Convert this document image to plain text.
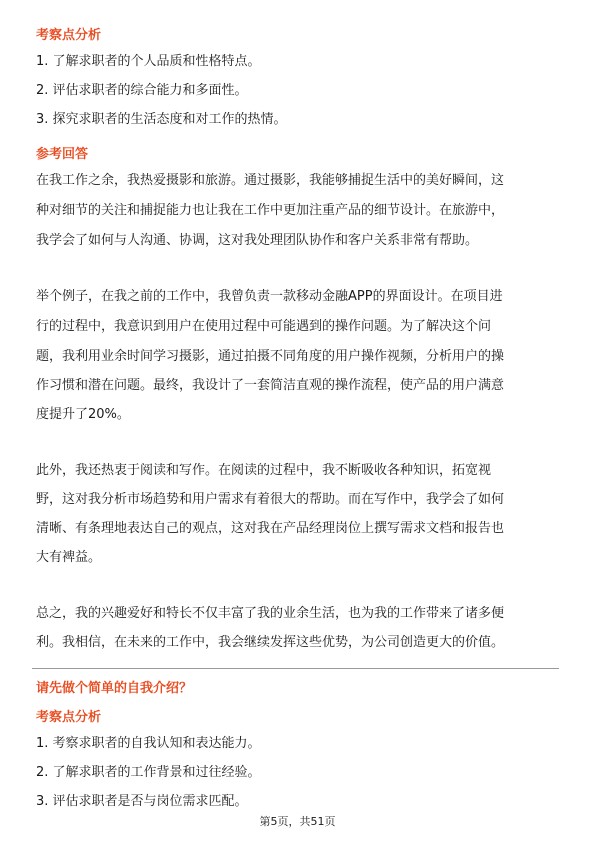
考察点分析
1. 了解求职者的个人品质和性格特点。
2. 评估求职者的综合能力和多面性。
3. 探究求职者的生活态度和对工作的热情。
参考回答
在我工作之余，我热爱摄影和旅游。通过摄影，我能够捕捉生活中的美好瞬间，这
种对细节的关注和捕捉能力也让我在工作中更加注重产品的细节设计。在旅游中，
我学会了如何与人沟通、协调，这对我处理团队协作和客户关系非常有帮助。
举个例子，在我之前的工作中，我曾负责一款移动金融APP的界面设计。在项目进
行的过程中，我意识到用户在使用过程中可能遇到的操作问题。为了解决这个问
题，我利用业余时间学习摄影，通过拍摄不同角度的用户操作视频，分析用户的操
作习惯和潜在问题。最终，我设计了一套简洁直观的操作流程，使产品的用户满意
度提升了20%。
此外，我还热衷于阅读和写作。在阅读的过程中，我不断吸收各种知识，拓宽视
野，这对我分析市场趋势和用户需求有着很大的帮助。而在写作中，我学会了如何
清晰、有条理地表达自己的观点，这对我在产品经理岗位上撰写需求文档和报告也
大有裨益。
总之，我的兴趣爱好和特长不仅丰富了我的业余生活，也为我的工作带来了诸多便
利。我相信，在未来的工作中，我会继续发挥这些优势，为公司创造更大的价值。
请先做个简单的自我介绍？
考察点分析
1. 考察求职者的自我认知和表达能力。
2. 了解求职者的工作背景和过往经验。
3. 评估求职者是否与岗位需求匹配。
第5页，共51页
